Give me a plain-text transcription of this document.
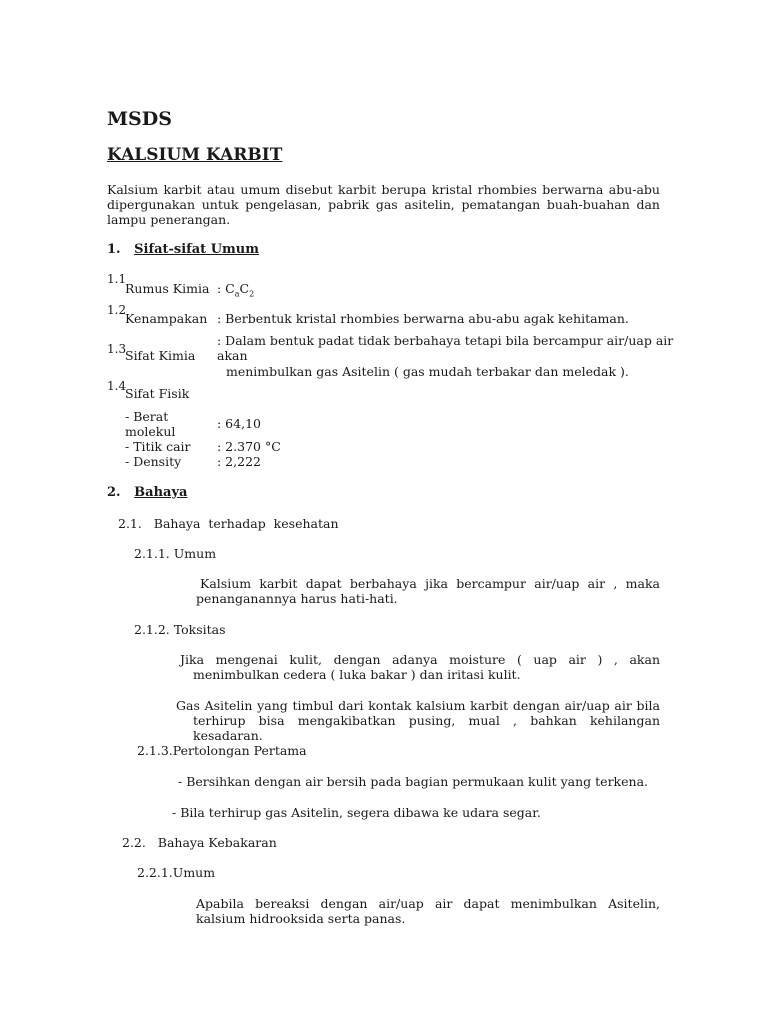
MSDS
KALSIUM KARBIT
Kalsium karbit atau umum disebut karbit berupa kristal rhombies berwarna abu-abu dipergunakan untuk pengelasan, pabrik gas asitelin, pematangan buah-buahan dan lampu penerangan.
1. Sifat-sifat Umum
1.1
Rumus Kimia : $C_aC_2$
1.2
Kenampakan : Berbentuk kristal rhombies berwarna abu-abu agak kehitaman.
: Dalam bentuk padat tidak berbahaya tetapi bila bercampur air/uap air
1.3
Sifat Kimia akan
menimbulkan gas Asitelin ( gas mudah terbakar dan meledak ).
1.4
Sifat Fisik
- Berat
molekul
: 64,10
- Titik cair : 2.370 °C
- Density	: 2,222
2. Bahaya
2.1.   Bahaya  terhadap  kesehatan
2.1.1. Umum
Kalsium karbit dapat berbahaya jika bercampur air/uap air , maka penanganannya harus hati-hati.
2.1.2. Toksitas
Jika mengenai kulit, dengan adanya moisture ( uap air ) , akan menimbulkan cedera ( luka bakar ) dan iritasi kulit.
Gas Asitelin yang timbul dari kontak kalsium karbit dengan air/uap air bila terhirup bisa mengakibatkan pusing, mual , bahkan kehilangan kesadaran.
2.1.3.Pertolongan Pertama
- Bersihkan dengan air bersih pada bagian permukaan kulit yang terkena.
- Bila terhirup gas Asitelin, segera dibawa ke udara segar.
2.2.   Bahaya Kebakaran
2.2.1.Umum
Apabila bereaksi dengan air/uap air dapat menimbulkan Asitelin, kalsium hidrooksida serta panas.
